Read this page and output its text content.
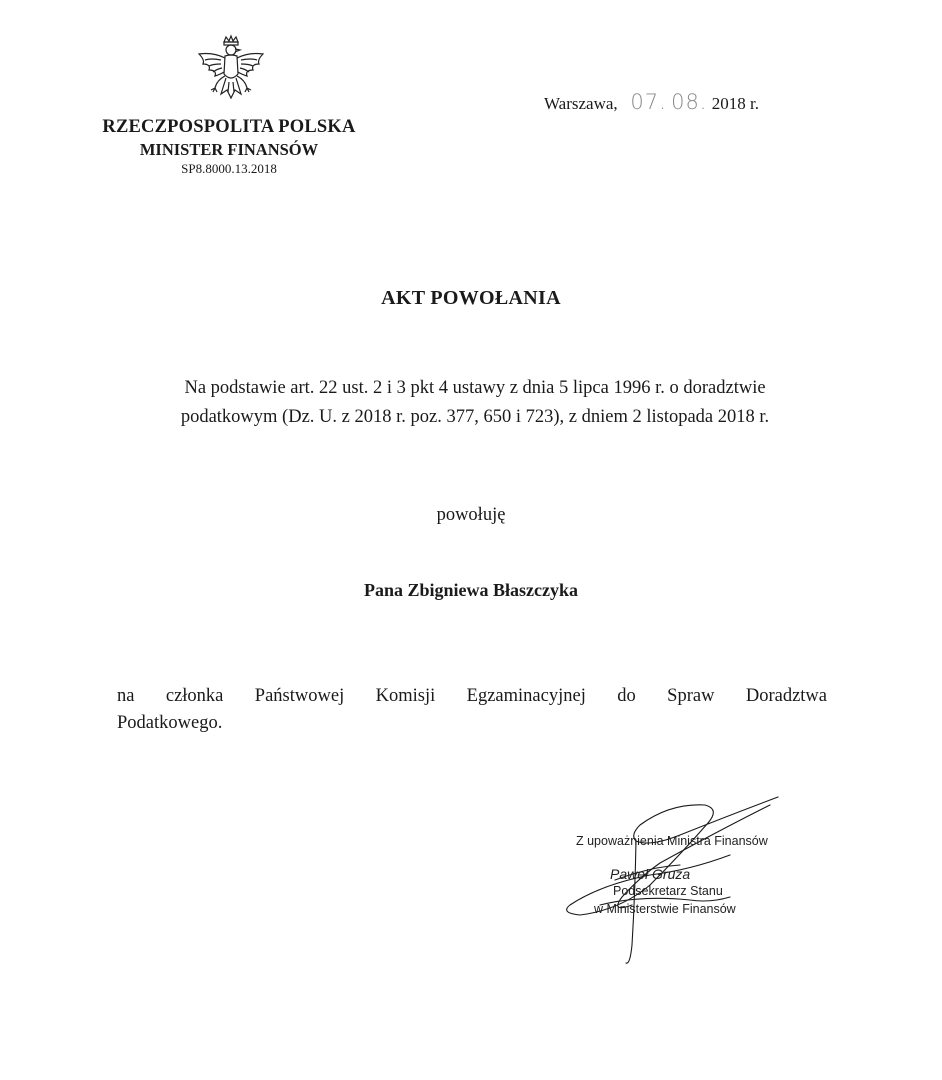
RZECZPOSPOLITA POLSKA
MINISTER FINANSÓW
SP8.8000.13.2018
Warszawa, 07. 08. 2018 r.
AKT POWOŁANIA
Na podstawie art. 22 ust. 2 i 3 pkt 4 ustawy z dnia 5 lipca 1996 r. o doradztwie
podatkowym (Dz. U. z 2018 r. poz. 377, 650 i 723), z dniem 2 listopada 2018 r.
powołuję
Pana Zbigniewa Błaszczyka
na członka Państwowej Komisji Egzaminacyjnej do Spraw Doradztwa
Podatkowego.
Z upoważnienia Ministra Finansów
Paweł Gruza
Podsekretarz Stanu
w Ministerstwie Finansów
